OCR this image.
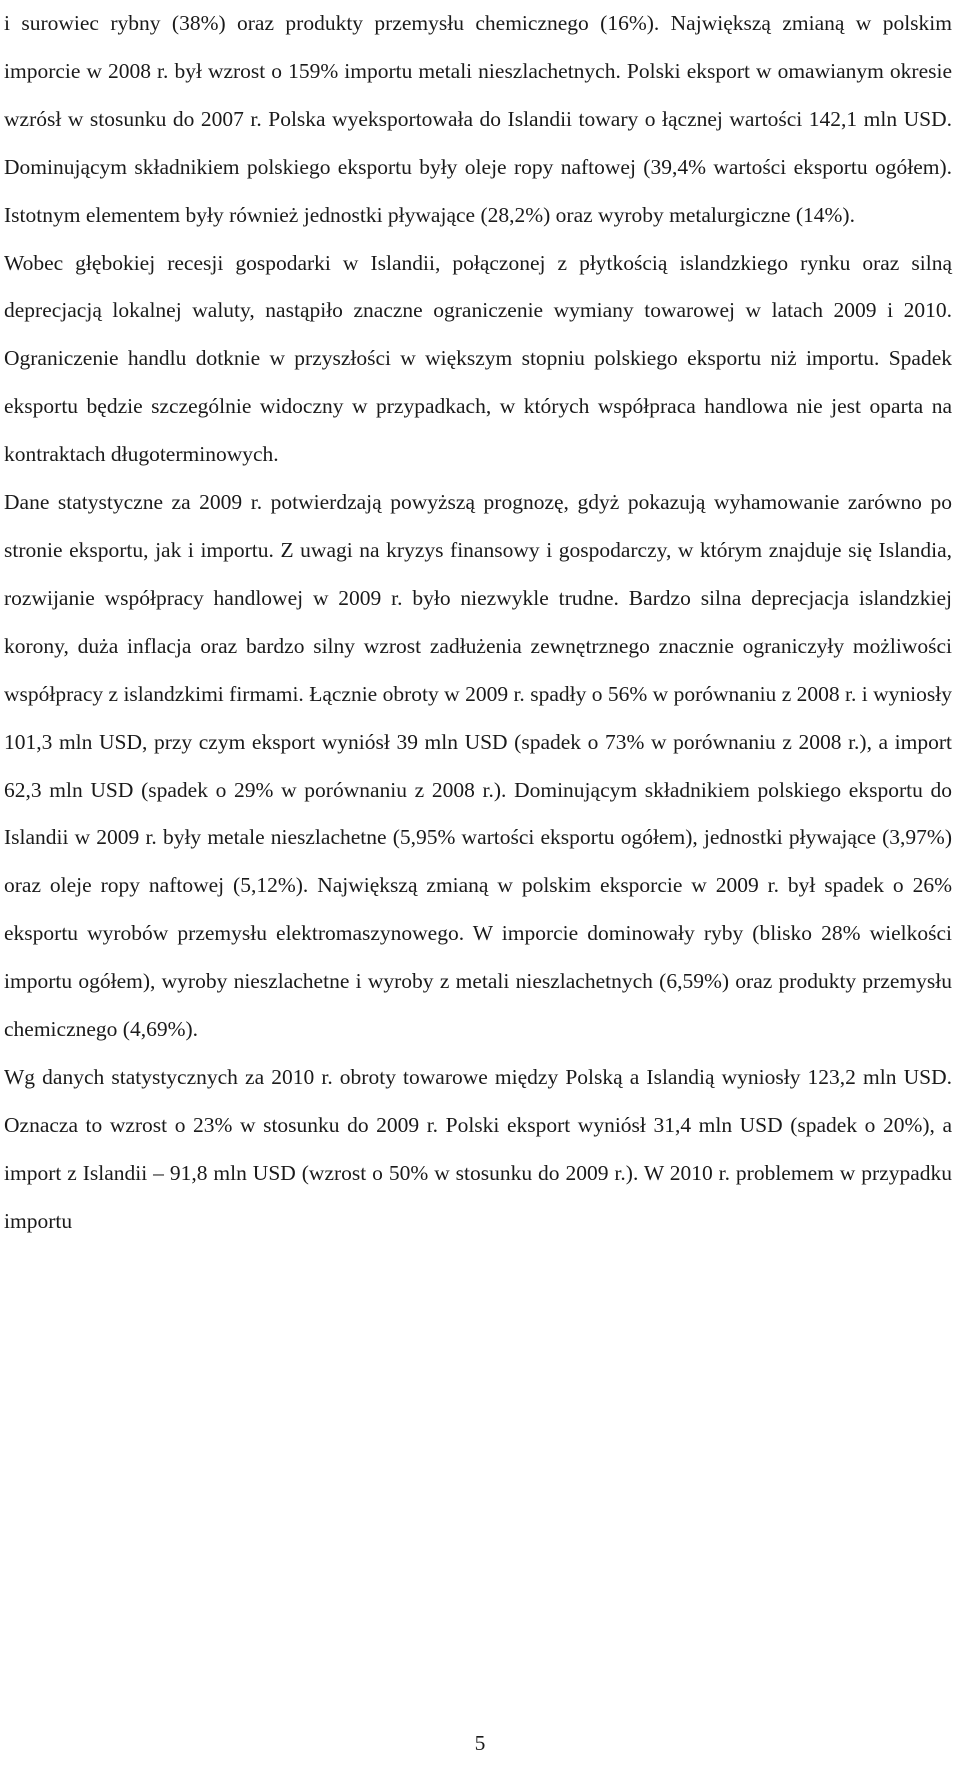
i surowiec rybny (38%) oraz produkty przemysłu chemicznego (16%). Największą zmianą w polskim imporcie w 2008 r. był wzrost o 159% importu metali nieszlachetnych. Polski eksport w omawianym okresie wzrósł w stosunku do 2007 r. Polska wyeksportowała do Islandii towary o łącznej wartości 142,1 mln USD. Dominującym składnikiem polskiego eksportu były oleje ropy naftowej (39,4% wartości eksportu ogółem). Istotnym elementem były również jednostki pływające (28,2%) oraz wyroby metalurgiczne (14%).

Wobec głębokiej recesji gospodarki w Islandii, połączonej z płytkością islandzkiego rynku oraz silną deprecjacją lokalnej waluty, nastąpiło znaczne ograniczenie wymiany towarowej w latach 2009 i 2010. Ograniczenie handlu dotknie w przyszłości w większym stopniu polskiego eksportu niż importu. Spadek eksportu będzie szczególnie widoczny w przypadkach, w których współpraca handlowa nie jest oparta na kontraktach długoterminowych.

Dane statystyczne za 2009 r. potwierdzają powyższą prognozę, gdyż pokazują wyhamowanie zarówno po stronie eksportu, jak i importu. Z uwagi na kryzys finansowy i gospodarczy, w którym znajduje się Islandia, rozwijanie współpracy handlowej w 2009 r. było niezwykle trudne. Bardzo silna deprecjacja islandzkiej korony, duża inflacja oraz bardzo silny wzrost zadłużenia zewnętrznego znacznie ograniczyły możliwości współpracy z islandzkimi firmami. Łącznie obroty w 2009 r. spadły o 56% w porównaniu z 2008 r. i wyniosły 101,3 mln USD, przy czym eksport wyniósł 39 mln USD (spadek o 73% w porównaniu z 2008 r.), a import 62,3 mln USD (spadek o 29% w porównaniu z 2008 r.). Dominującym składnikiem polskiego eksportu do Islandii w 2009 r. były metale nieszlachetne (5,95% wartości eksportu ogółem), jednostki pływające (3,97%) oraz oleje ropy naftowej (5,12%). Największą zmianą w polskim eksporcie w 2009 r. był spadek o 26% eksportu wyrobów przemysłu elektromaszynowego. W imporcie dominowały ryby (blisko 28% wielkości importu ogółem), wyroby nieszlachetne i wyroby z metali nieszlachetnych (6,59%) oraz produkty przemysłu chemicznego (4,69%).

Wg danych statystycznych za 2010 r. obroty towarowe między Polską a Islandią wyniosły 123,2 mln USD. Oznacza to wzrost o 23% w stosunku do 2009 r. Polski eksport wyniósł 31,4 mln USD (spadek o 20%), a import z Islandii – 91,8 mln USD (wzrost o 50% w stosunku do 2009 r.). W 2010 r. problemem w przypadku importu

5
